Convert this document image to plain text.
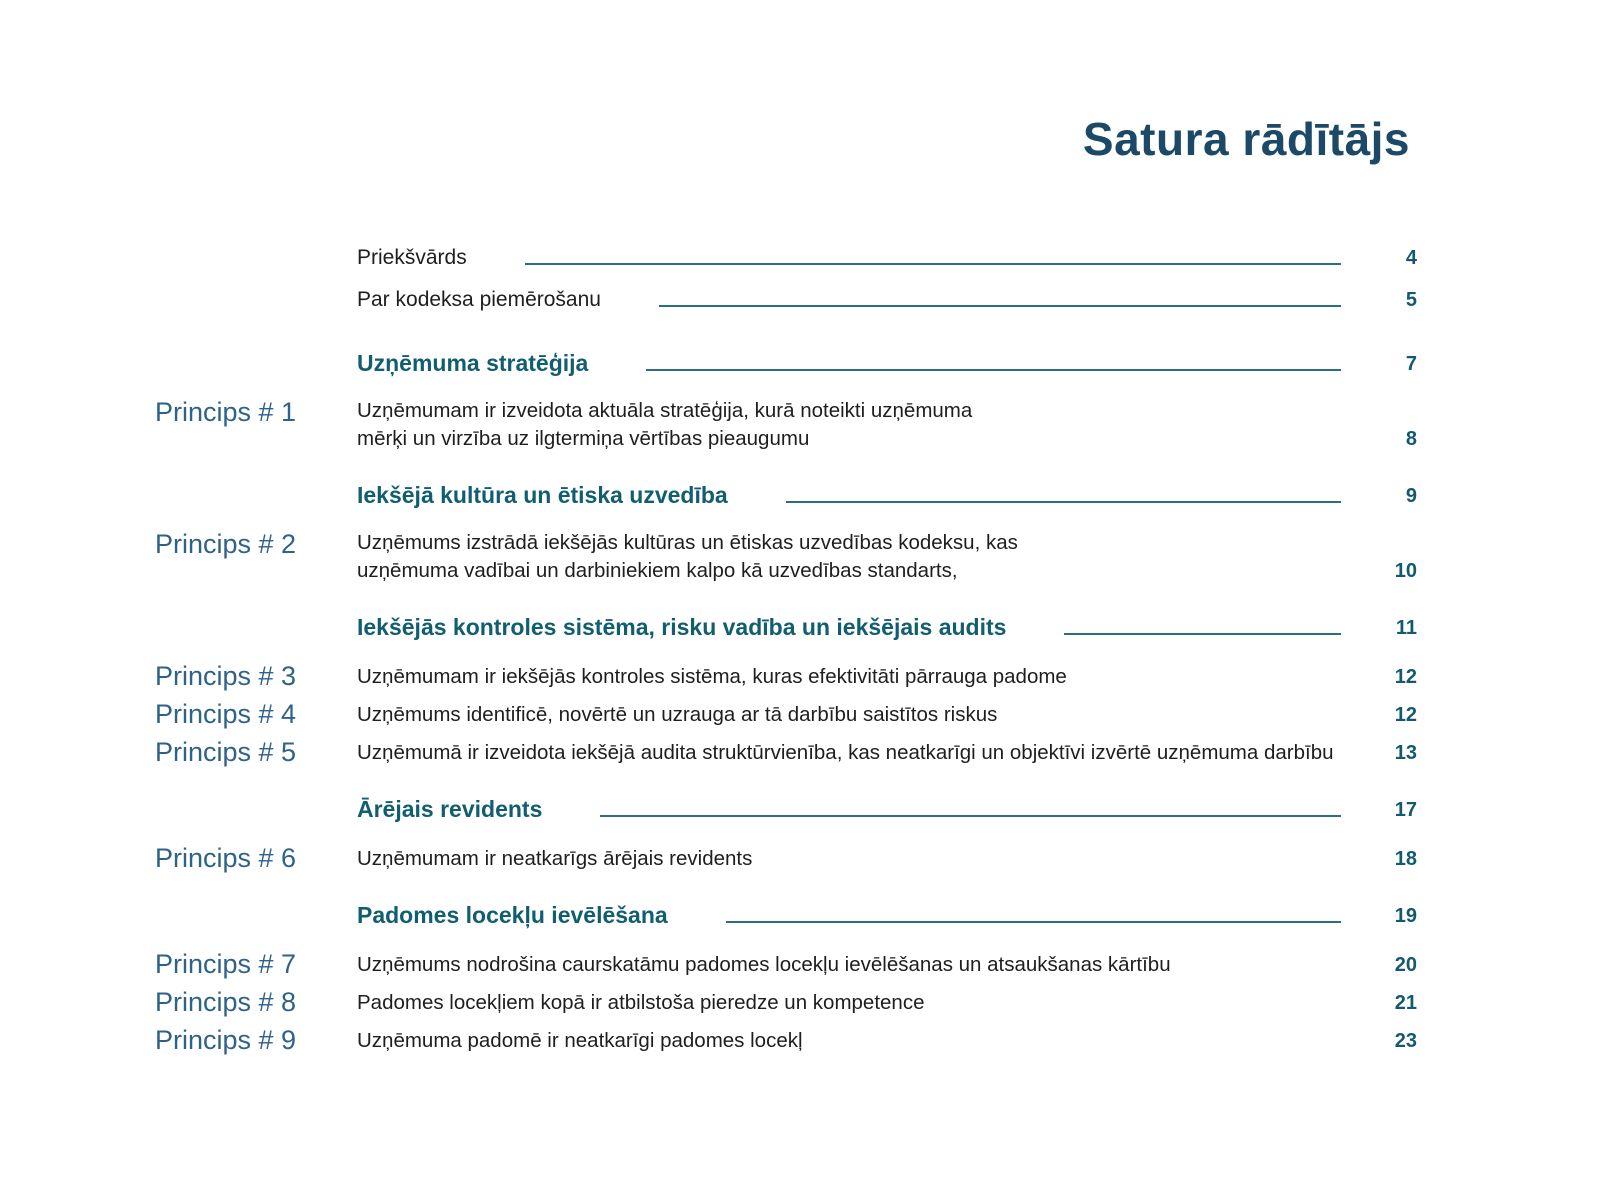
Satura rādītājs
Priekšvārds	4
Par kodeksa piemērošanu	5
Uzņēmuma stratēģija	7
Princips # 1	Uzņēmumam ir izveidota aktuāla stratēģija, kurā noteikti uzņēmuma
mērķi un virzība uz ilgtermiņa vērtības pieaugumu	8
Iekšējā kultūra un ētiska uzvedība	9
Princips # 2	Uzņēmums izstrādā iekšējās kultūras un ētiskas uzvedības kodeksu, kas
uzņēmuma vadībai un darbiniekiem kalpo kā uzvedības standarts,	10
Iekšējās kontroles sistēma, risku vadība un iekšējais audits	11
Princips # 3	Uzņēmumam ir iekšējās kontroles sistēma, kuras efektivitāti pārrauga padome	12
Princips # 4	Uzņēmums identificē, novērtē un uzrauga ar tā darbību saistītos riskus	12
Princips # 5	Uzņēmumā ir izveidota iekšējā audita struktūrvienība, kas neatkarīgi un objektīvi izvērtē uzņēmuma darbību	13
Ārējais revidents	17
Princips # 6	Uzņēmumam ir neatkarīgs ārējais revidents	18
Padomes locekļu ievēlēšana	19
Princips # 7	Uzņēmums nodrošina caurskatāmu padomes locekļu ievēlēšanas un atsaukšanas kārtību	20
Princips # 8	Padomes locekļiem kopā ir atbilstoša pieredze un kompetence	21
Princips # 9	Uzņēmuma padomē ir neatkarīgi padomes locekļ	23
